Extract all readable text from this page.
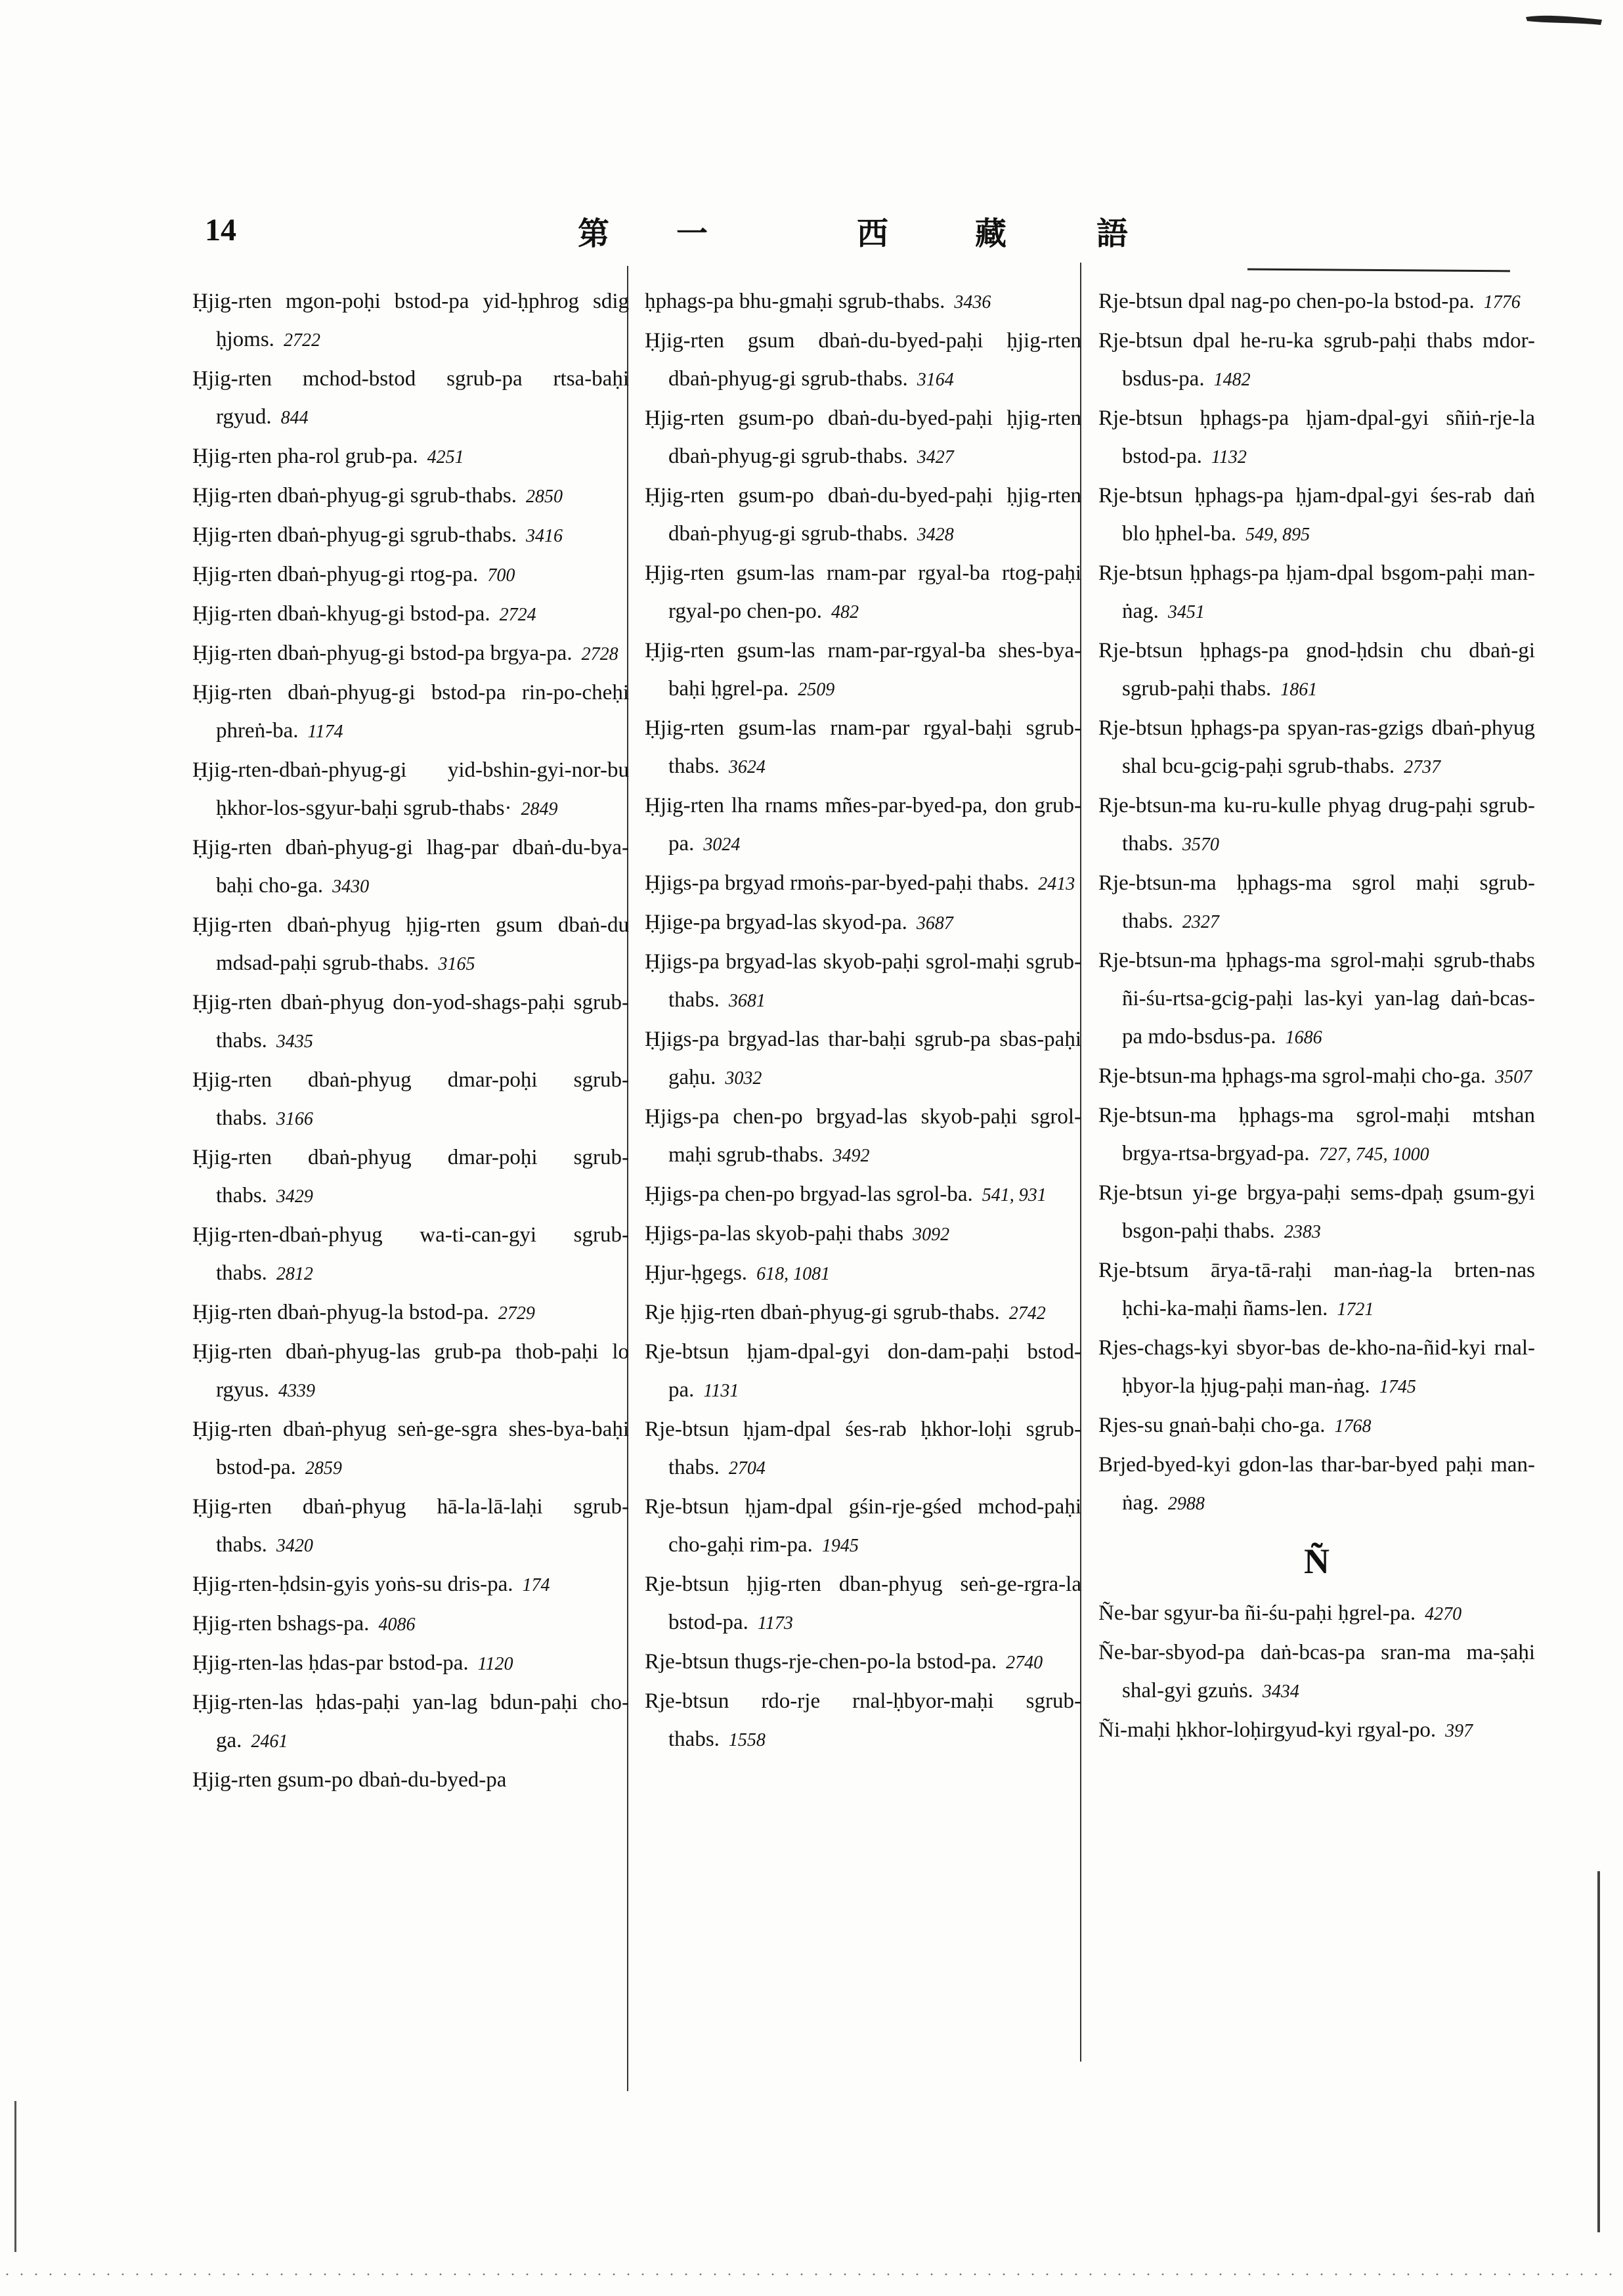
14	第 一	西	藏	語
Ḥjig-rten mgon-poḥi bstod-pa yid-ḥphrog sdig ḥjoms. 2722
Ḥjig-rten mchod-bstod sgrub-pa rtsa-baḥi rgyud. 844
Ḥjig-rten pha-rol grub-pa. 4251
Ḥjig-rten dbaṅ-phyug-gi sgrub-thabs. 2850
Ḥjig-rten dbaṅ-phyug-gi sgrub-thabs. 3416
Ḥjig-rten dbaṅ-phyug-gi rtog-pa. 700
Ḥjig-rten dbaṅ-khyug-gi bstod-pa. 2724
Ḥjig-rten dbaṅ-phyug-gi bstod-pa brgya-pa. 2728
Ḥjig-rten dbaṅ-phyug-gi bstod-pa rin-po-cheḥi phreṅ-ba. 1174
Ḥjig-rten-dbaṅ-phyug-gi yid-bshin-gyi-nor-bu ḥkhor-los-sgyur-baḥi sgrub-thabs· 2849
Ḥjig-rten dbaṅ-phyug-gi lhag-par dbaṅ-du-bya-baḥi cho-ga. 3430
Ḥjig-rten dbaṅ-phyug ḥjig-rten gsum dbaṅ-du mdsad-paḥi sgrub-thabs. 3165
Ḥjig-rten dbaṅ-phyug don-yod-shags-paḥi sgrub-thabs. 3435
Ḥjig-rten dbaṅ-phyug dmar-poḥi sgrub-thabs. 3166
Ḥjig-rten dbaṅ-phyug dmar-poḥi sgrub-thabs. 3429
Ḥjig-rten-dbaṅ-phyug wa-ti-can-gyi sgrub-thabs. 2812
Ḥjig-rten dbaṅ-phyug-la bstod-pa. 2729
Ḥjig-rten dbaṅ-phyug-las grub-pa thob-paḥi lo rgyus. 4339
Ḥjig-rten dbaṅ-phyug seṅ-ge-sgra shes-bya-baḥi bstod-pa. 2859
Ḥjig-rten dbaṅ-phyug hā-la-lā-laḥi sgrub-thabs. 3420
Ḥjig-rten-ḥdsin-gyis yoṅs-su dris-pa. 174
Ḥjig-rten bshags-pa. 4086
Ḥjig-rten-las ḥdas-par bstod-pa. 1120
Ḥjig-rten-las ḥdas-paḥi yan-lag bdun-paḥi cho-ga. 2461
Ḥjig-rten gsum-po dbaṅ-du-byed-pa
ḥphags-pa bhu-gmaḥi sgrub-thabs. 3436
Ḥjig-rten gsum dbaṅ-du-byed-paḥi ḥjig-rten dbaṅ-phyug-gi sgrub-thabs. 3164
Ḥjig-rten gsum-po dbaṅ-du-byed-paḥi ḥjig-rten dbaṅ-phyug-gi sgrub-thabs. 3427
Ḥjig-rten gsum-po dbaṅ-du-byed-paḥi ḥjig-rten dbaṅ-phyug-gi sgrub-thabs. 3428
Ḥjig-rten gsum-las rnam-par rgyal-ba rtog-paḥi rgyal-po chen-po. 482
Ḥjig-rten gsum-las rnam-par-rgyal-ba shes-bya-baḥi ḥgrel-pa. 2509
Ḥjig-rten gsum-las rnam-par rgyal-baḥi sgrub-thabs. 3624
Ḥjig-rten lha rnams mñes-par-byed-pa, don grub-pa. 3024
Ḥjigs-pa brgyad rmoṅs-par-byed-paḥi thabs. 2413
Ḥjige-pa brgyad-las skyod-pa. 3687
Ḥjigs-pa brgyad-las skyob-paḥi sgrol-maḥi sgrub-thabs. 3681
Ḥjigs-pa brgyad-las thar-baḥi sgrub-pa sbas-paḥi gaḥu. 3032
Ḥjigs-pa chen-po brgyad-las skyob-paḥi sgrol-maḥi sgrub-thabs. 3492
Ḥjigs-pa chen-po brgyad-las sgrol-ba. 541, 931
Ḥjigs-pa-las skyob-paḥi thabs 3092
Ḥjur-ḥgegs. 618, 1081
Rje ḥjig-rten dbaṅ-phyug-gi sgrub-thabs. 2742
Rje-btsun ḥjam-dpal-gyi don-dam-paḥi bstod-pa. 1131
Rje-btsun ḥjam-dpal śes-rab ḥkhor-loḥi sgrub-thabs. 2704
Rje-btsun ḥjam-dpal gśin-rje-gśed mchod-paḥi cho-gaḥi rim-pa. 1945
Rje-btsun ḥjig-rten dban-phyug seṅ-ge-rgra-la bstod-pa. 1173
Rje-btsun thugs-rje-chen-po-la bstod-pa. 2740
Rje-btsun rdo-rje rnal-ḥbyor-maḥi sgrub-thabs. 1558
Rje-btsun dpal nag-po chen-po-la bstod-pa. 1776
Rje-btsun dpal he-ru-ka sgrub-paḥi thabs mdor-bsdus-pa. 1482
Rje-btsun ḥphags-pa ḥjam-dpal-gyi sñiṅ-rje-la bstod-pa. 1132
Rje-btsun ḥphags-pa ḥjam-dpal-gyi śes-rab daṅ blo ḥphel-ba. 549, 895
Rje-btsun ḥphags-pa ḥjam-dpal bsgom-paḥi man-ṅag. 3451
Rje-btsun ḥphags-pa gnod-ḥdsin chu dbaṅ-gi sgrub-paḥi thabs. 1861
Rje-btsun ḥphags-pa spyan-ras-gzigs dbaṅ-phyug shal bcu-gcig-paḥi sgrub-thabs. 2737
Rje-btsun-ma ku-ru-kulle phyag drug-paḥi sgrub-thabs. 3570
Rje-btsun-ma ḥphags-ma sgrol maḥi sgrub-thabs. 2327
Rje-btsun-ma ḥphags-ma sgrol-maḥi sgrub-thabs ñi-śu-rtsa-gcig-paḥi las-kyi yan-lag daṅ-bcas-pa mdo-bsdus-pa. 1686
Rje-btsun-ma ḥphags-ma sgrol-maḥi cho-ga. 3507
Rje-btsun-ma ḥphags-ma sgrol-maḥi mtshan brgya-rtsa-brgyad-pa. 727, 745, 1000
Rje-btsun yi-ge brgya-paḥi sems-dpaḥ gsum-gyi bsgon-paḥi thabs. 2383
Rje-btsum ārya-tā-raḥi man-ṅag-la brten-nas ḥchi-ka-maḥi ñams-len. 1721
Rjes-chags-kyi sbyor-bas de-kho-na-ñid-kyi rnal-ḥbyor-la ḥjug-paḥi man-ṅag. 1745
Rjes-su gnaṅ-baḥi cho-ga. 1768
Brjed-byed-kyi gdon-las thar-bar-byed paḥi man-ṅag. 2988
Ñ
Ñe-bar sgyur-ba ñi-śu-paḥi ḥgrel-pa. 4270
Ñe-bar-sbyod-pa daṅ-bcas-pa sran-ma ma-ṣaḥi shal-gyi gzuṅs. 3434
Ñi-maḥi ḥkhor-loḥirgyud-kyi rgyal-po. 397
